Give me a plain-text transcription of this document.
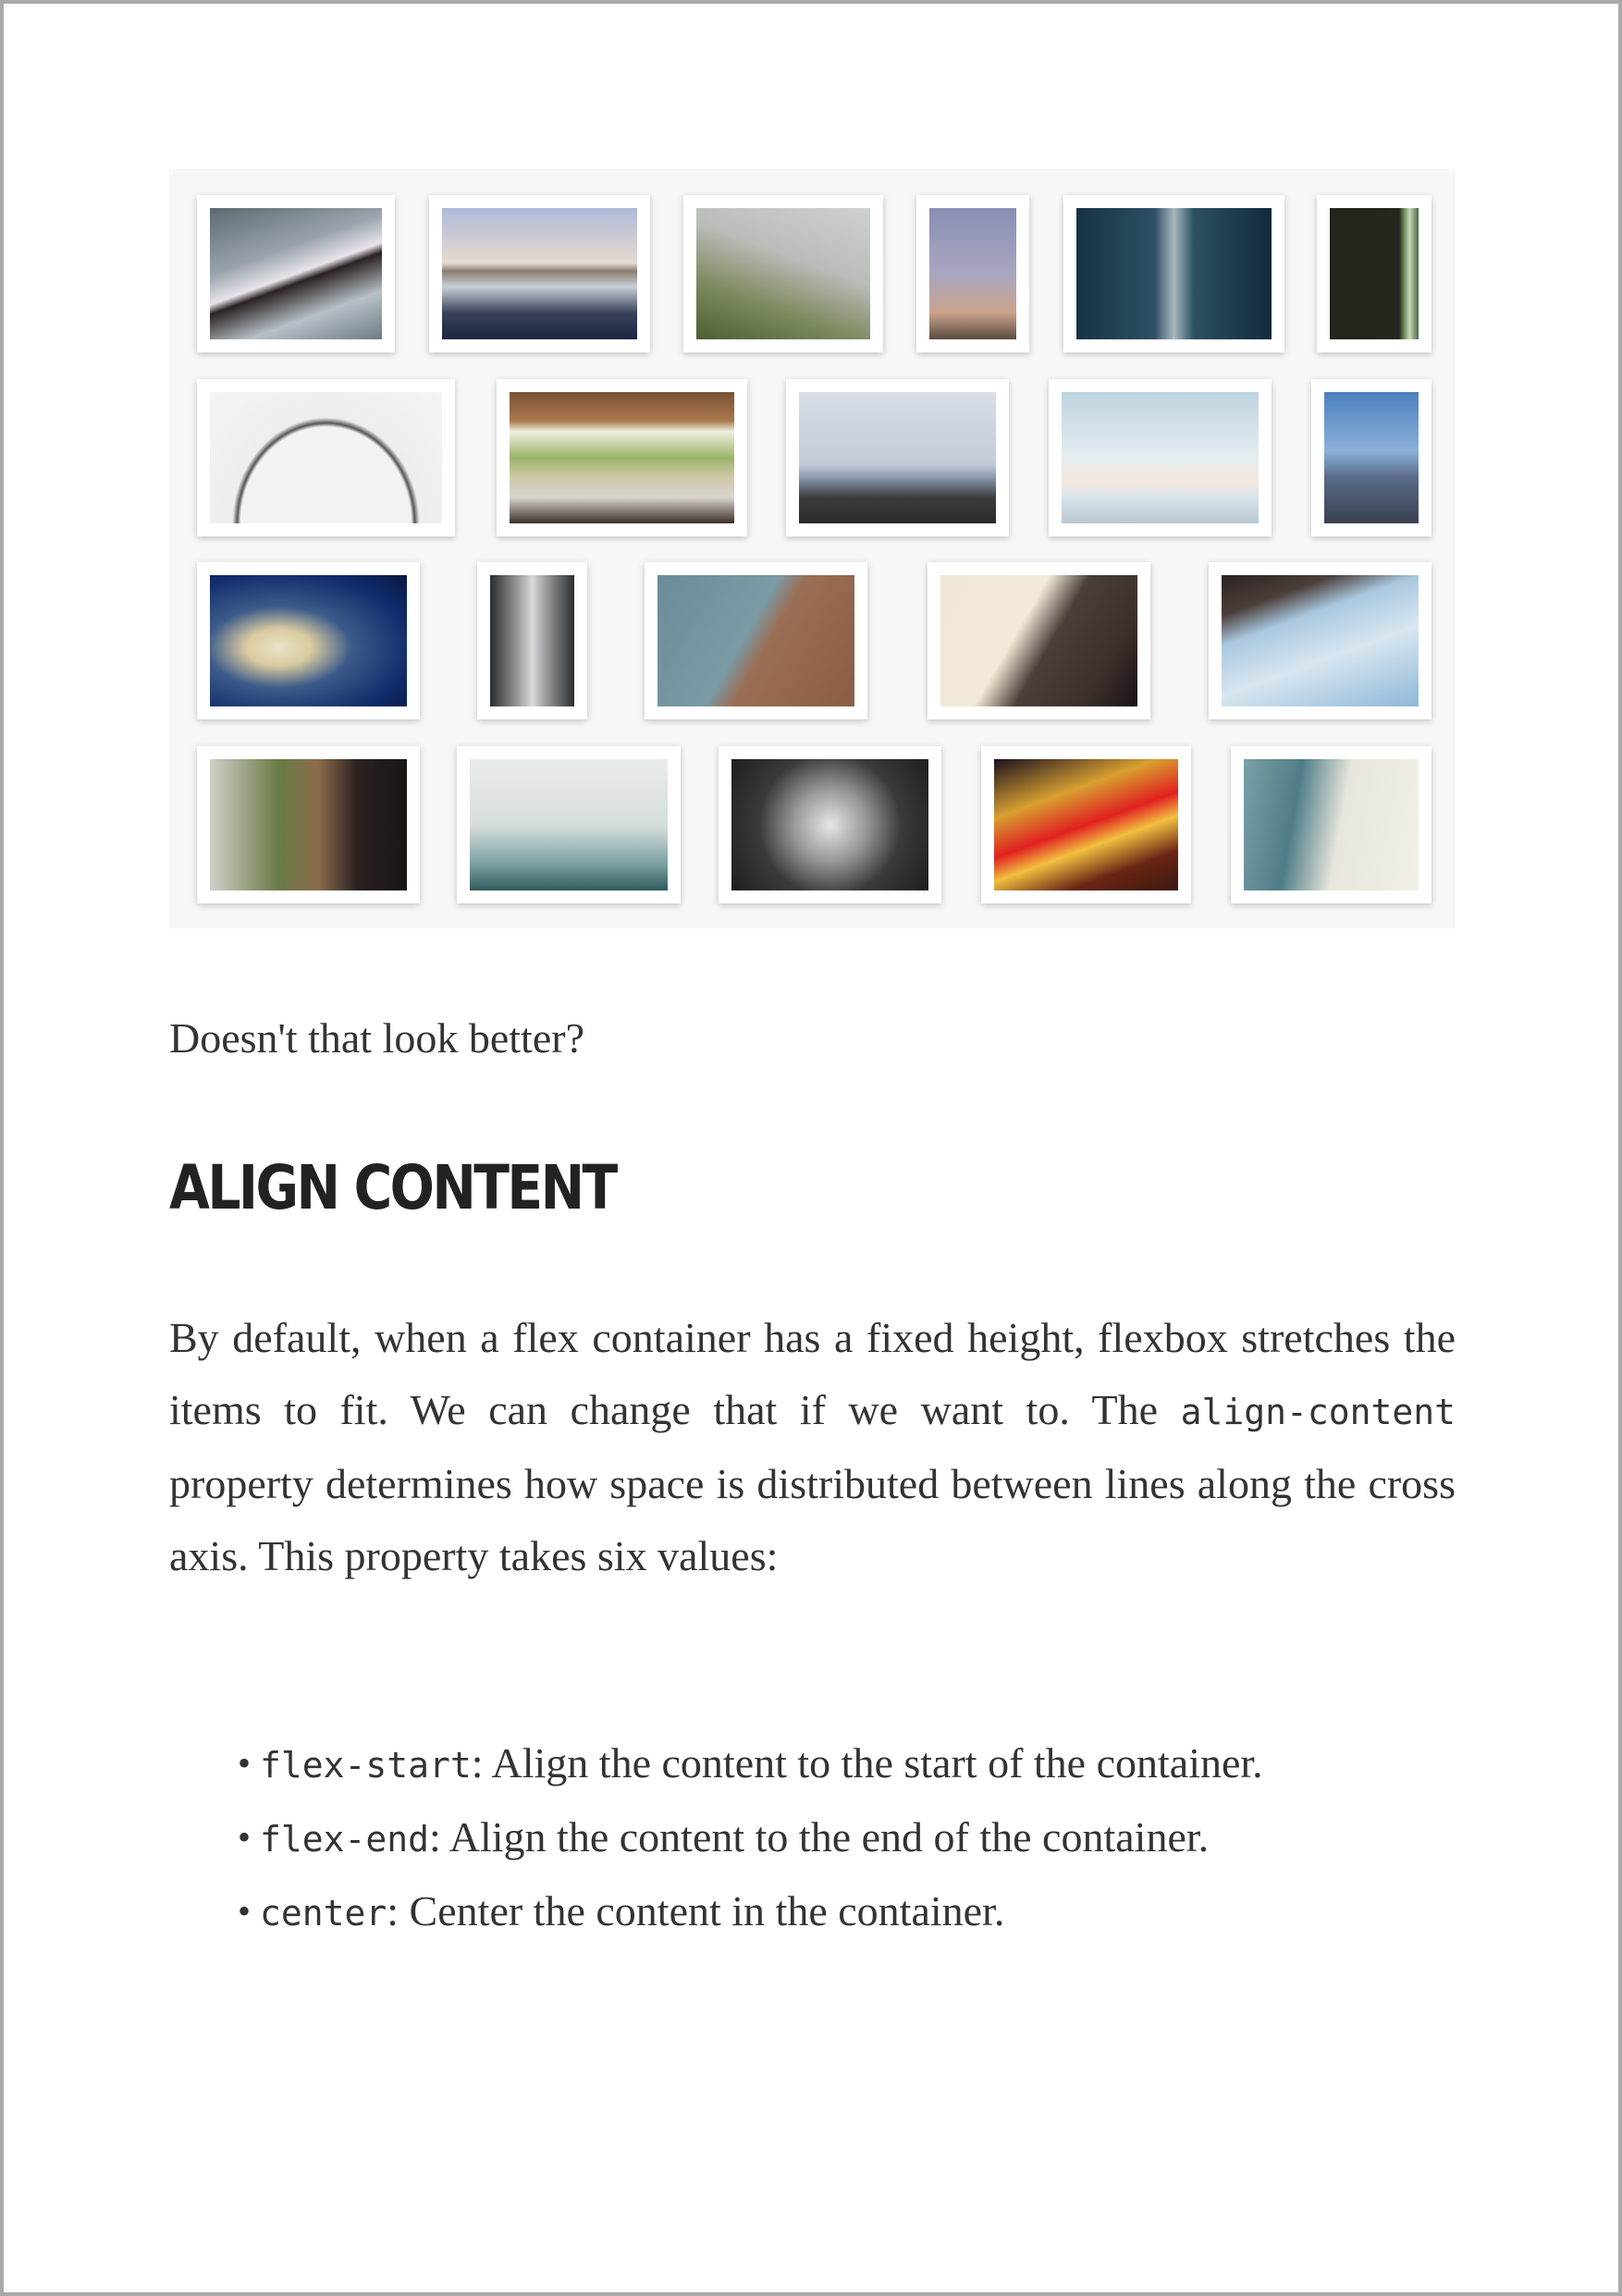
Doesn't that look better?

ALIGN CONTENT

By default, when a flex container has a fixed height, flexbox stretches the items to fit. We can change that if we want to. The align-content property determines how space is distributed between lines along the cross axis. This property takes six values:

• flex-start: Align the content to the start of the container.
• flex-end: Align the content to the end of the container.
• center: Center the content in the container.
